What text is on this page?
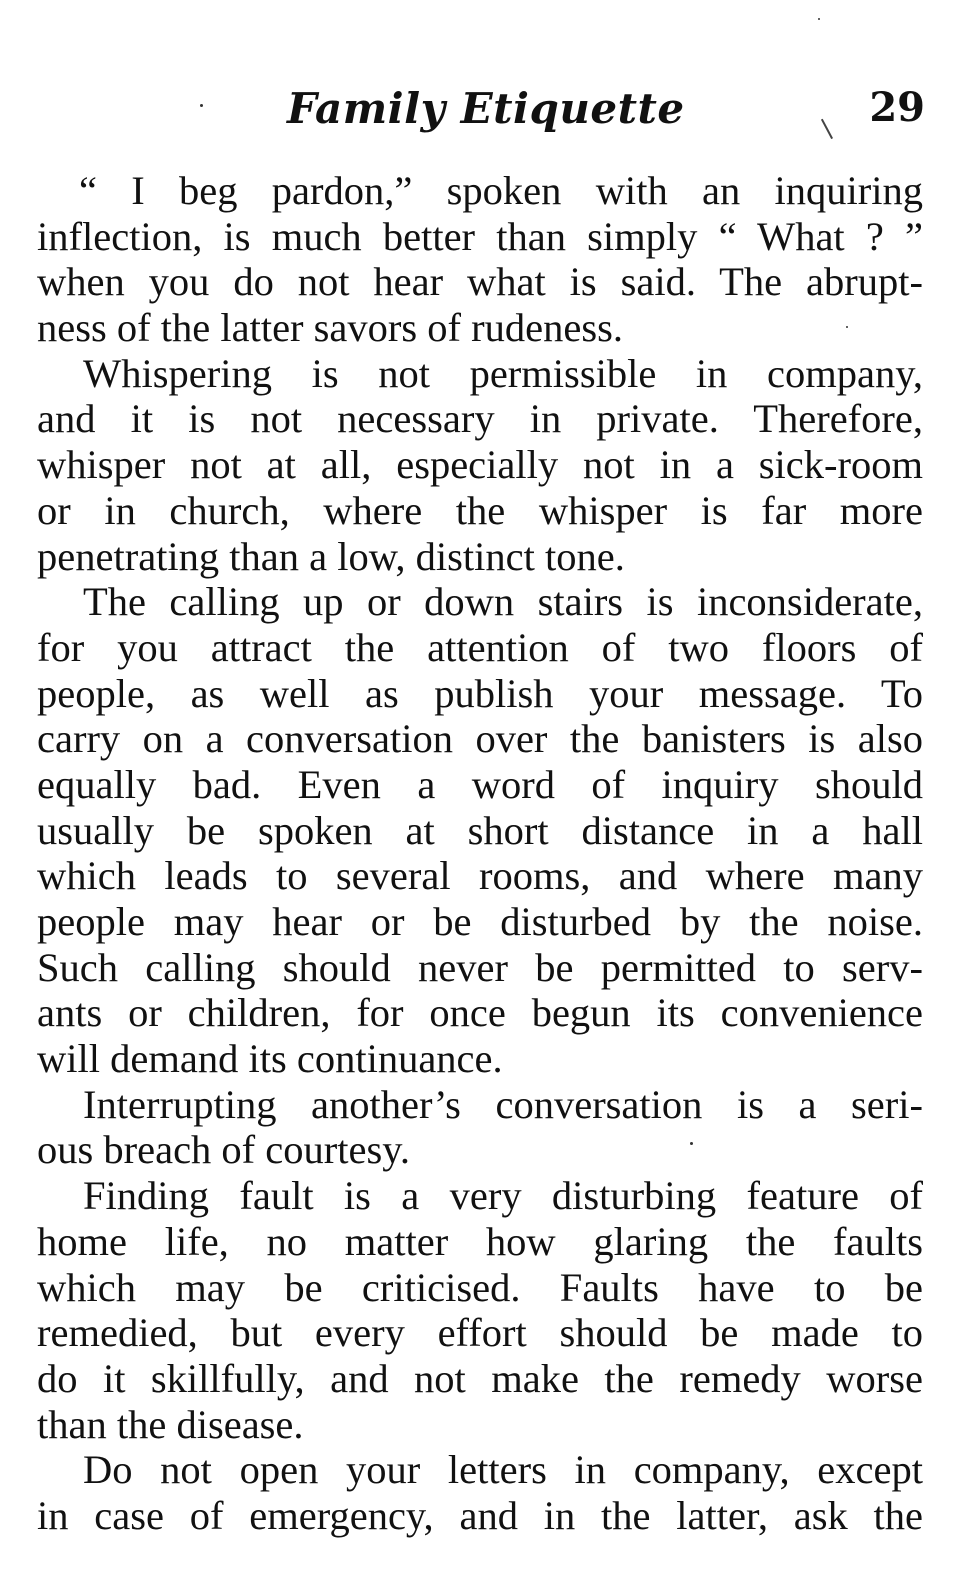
Family Etiquette	29
“ I beg pardon,” spoken with an inquiring
inflection, is much better than simply “ What ? ”
when you do not hear what is said. The abrupt-
ness of the latter savors of rudeness.
Whispering is not permissible in company,
and it is not necessary in private. Therefore,
whisper not at all, especially not in a sick-room
or in church, where the whisper is far more
penetrating than a low, distinct tone.
The calling up or down stairs is inconsiderate,
for you attract the attention of two floors of
people, as well as publish your message. To
carry on a conversation over the banisters is also
equally bad. Even a word of inquiry should
usually be spoken at short distance in a hall
which leads to several rooms, and where many
people may hear or be disturbed by the noise.
Such calling should never be permitted to serv-
ants or children, for once begun its convenience
will demand its continuance.
Interrupting another’s conversation is a seri-
ous breach of courtesy.
Finding fault is a very disturbing feature of
home life, no matter how glaring the faults
which may be criticised. Faults have to be
remedied, but every effort should be made to
do it skillfully, and not make the remedy worse
than the disease.
Do not open your letters in company, except
in case of emergency, and in the latter, ask the
